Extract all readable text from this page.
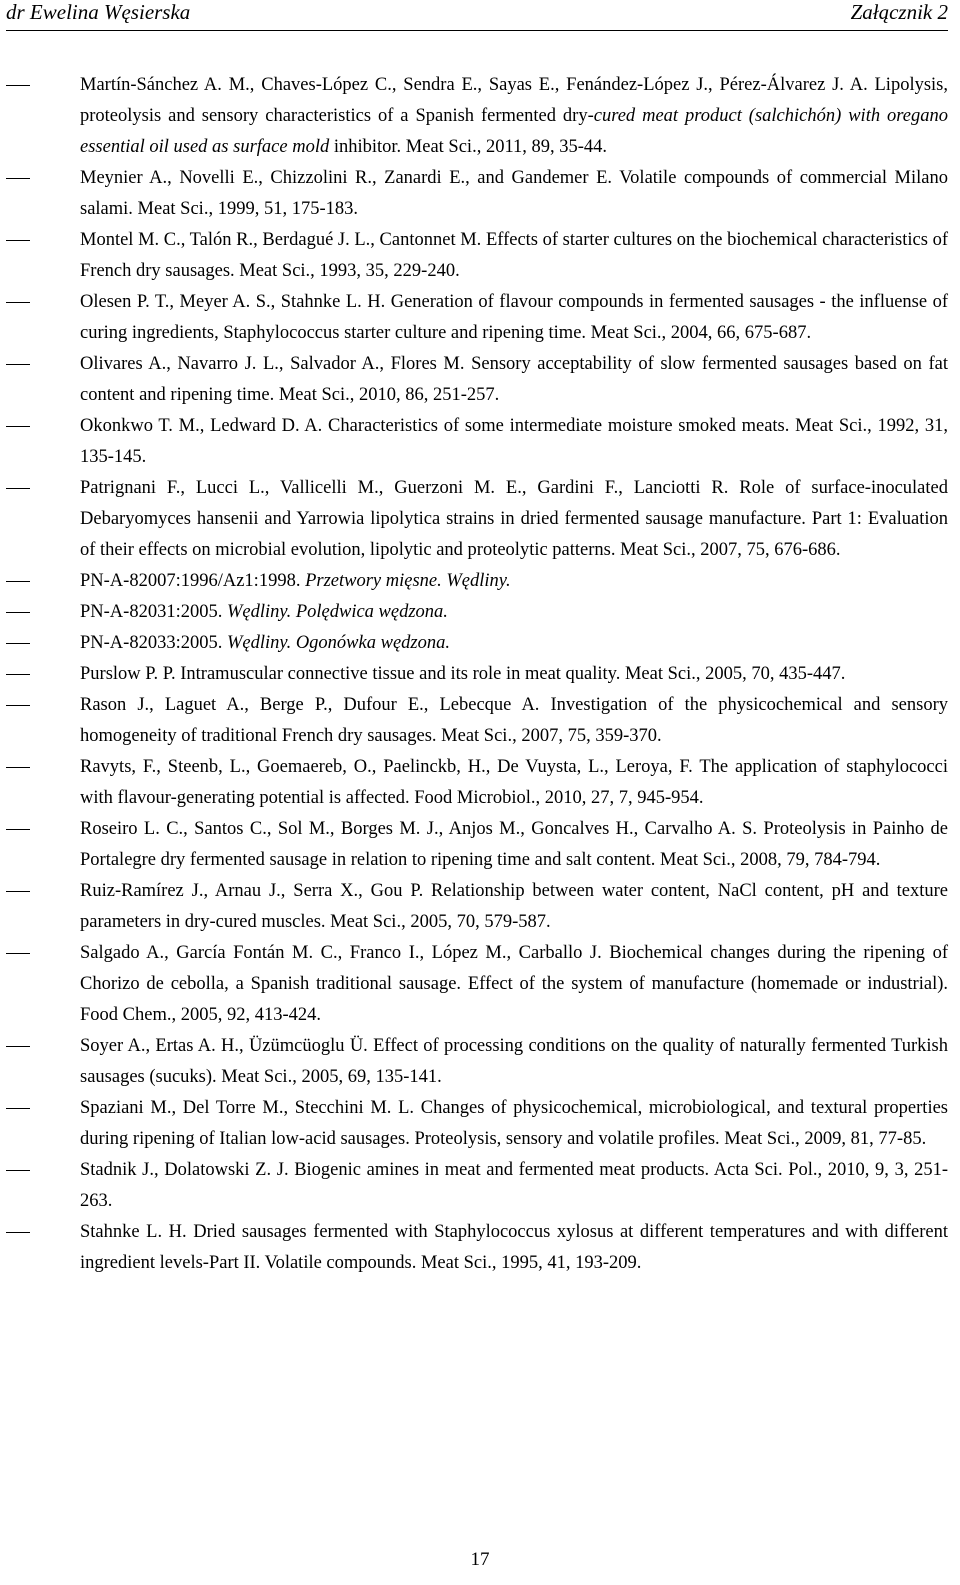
dr Ewelina Węsierska	Załącznik 2
Martín-Sánchez A. M., Chaves-López C., Sendra E., Sayas E., Fenández-López J., Pérez-Álvarez J. A. Lipolysis, proteolysis and sensory characteristics of a Spanish fermented dry-cured meat product (salchichón) with oregano essential oil used as surface mold inhibitor. Meat Sci., 2011, 89, 35-44.
Meynier A., Novelli E., Chizzolini R., Zanardi E., and Gandemer E. Volatile compounds of commercial Milano salami. Meat Sci., 1999, 51, 175-183.
Montel M. C., Talón R., Berdagué J. L., Cantonnet M. Effects of starter cultures on the biochemical characteristics of French dry sausages. Meat Sci., 1993, 35, 229-240.
Olesen P. T., Meyer A. S., Stahnke L. H. Generation of flavour compounds in fermented sausages - the influense of curing ingredients, Staphylococcus starter culture and ripening time. Meat Sci., 2004, 66, 675-687.
Olivares A., Navarro J. L., Salvador A., Flores M. Sensory acceptability of slow fermented sausages based on fat content and ripening time. Meat Sci., 2010, 86, 251-257.
Okonkwo T. M., Ledward D. A. Characteristics of some intermediate moisture smoked meats. Meat Sci., 1992, 31, 135-145.
Patrignani F., Lucci L., Vallicelli M., Guerzoni M. E., Gardini F., Lanciotti R. Role of surface-inoculated Debaryomyces hansenii and Yarrowia lipolytica strains in dried fermented sausage manufacture. Part 1: Evaluation of their effects on microbial evolution, lipolytic and proteolytic patterns. Meat Sci., 2007, 75, 676-686.
PN-A-82007:1996/Az1:1998. Przetwory mięsne. Wędliny.
PN-A-82031:2005. Wędliny. Polędwica wędzona.
PN-A-82033:2005. Wędliny. Ogonówka wędzona.
Purslow P. P. Intramuscular connective tissue and its role in meat quality. Meat Sci., 2005, 70, 435-447.
Rason J., Laguet A., Berge P., Dufour E., Lebecque A. Investigation of the physicochemical and sensory homogeneity of traditional French dry sausages. Meat Sci., 2007, 75, 359-370.
Ravyts, F., Steenb, L., Goemaereb, O., Paelinckb, H., De Vuysta, L., Leroya, F. The application of staphylococci with flavour-generating potential is affected. Food Microbiol., 2010, 27, 7, 945-954.
Roseiro L. C., Santos C., Sol M., Borges M. J., Anjos M., Goncalves H., Carvalho A. S. Proteolysis in Painho de Portalegre dry fermented sausage in relation to ripening time and salt content. Meat Sci., 2008, 79, 784-794.
Ruiz-Ramírez J., Arnau J., Serra X., Gou P. Relationship between water content, NaCl content, pH and texture parameters in dry-cured muscles. Meat Sci., 2005, 70, 579-587.
Salgado A., García Fontán M. C., Franco I., López M., Carballo J. Biochemical changes during the ripening of Chorizo de cebolla, a Spanish traditional sausage. Effect of the system of manufacture (homemade or industrial). Food Chem., 2005, 92, 413-424.
Soyer A., Ertas A. H., Üzümcüoglu Ü. Effect of processing conditions on the quality of naturally fermented Turkish sausages (sucuks). Meat Sci., 2005, 69, 135-141.
Spaziani M., Del Torre M., Stecchini M. L. Changes of physicochemical, microbiological, and textural properties during ripening of Italian low-acid sausages. Proteolysis, sensory and volatile profiles. Meat Sci., 2009, 81, 77-85.
Stadnik J., Dolatowski Z. J. Biogenic amines in meat and fermented meat products. Acta Sci. Pol., 2010, 9, 3, 251-263.
Stahnke L. H. Dried sausages fermented with Staphylococcus xylosus at different temperatures and with different ingredient levels-Part II. Volatile compounds. Meat Sci., 1995, 41, 193-209.
17
